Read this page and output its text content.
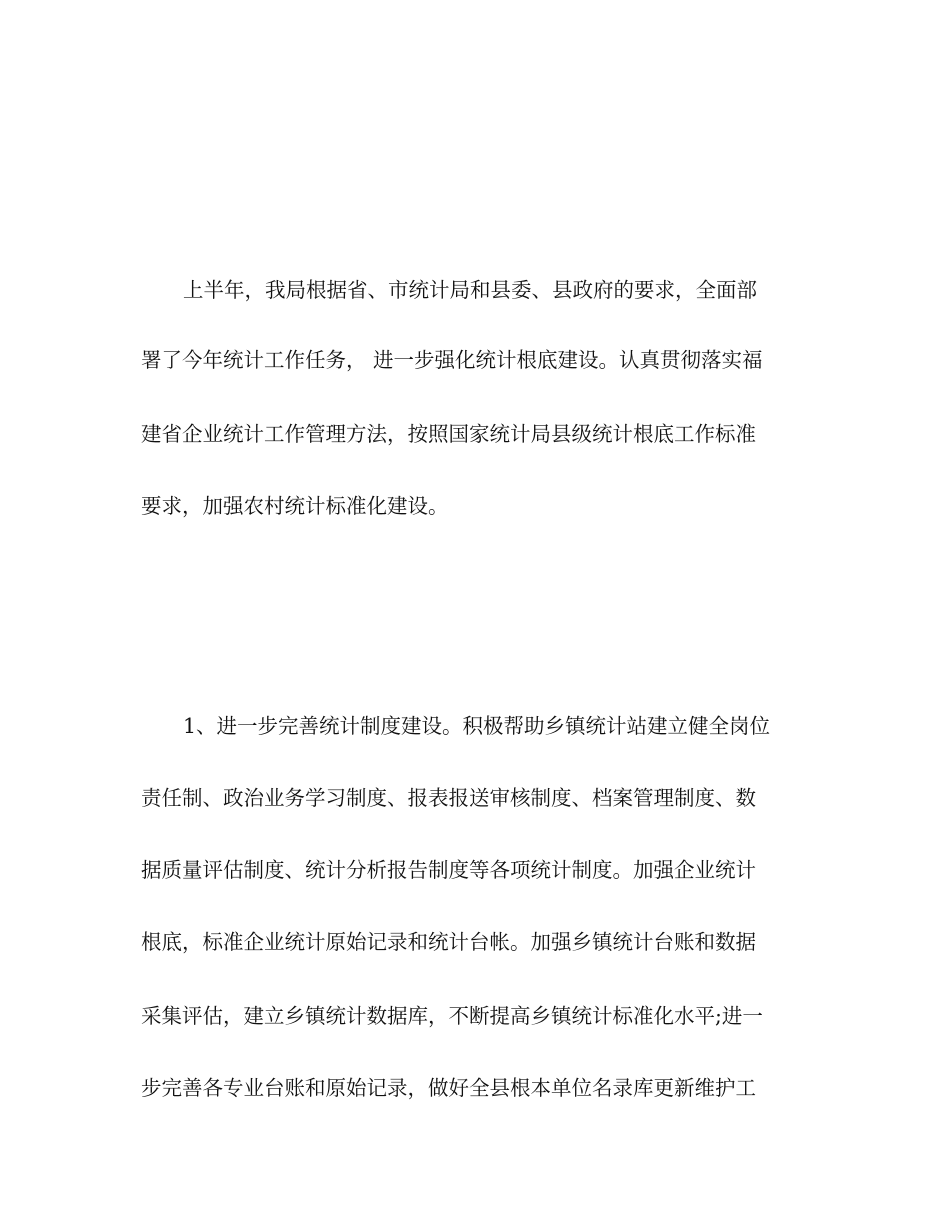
上半年，我局根据省、市统计局和县委、县政府的要求，全面部

署了今年统计工作任务， 进一步强化统计根底建设。认真贯彻落实福

建省企业统计工作管理方法，按照国家统计局县级统计根底工作标准

要求，加强农村统计标准化建设。

1、进一步完善统计制度建设。积极帮助乡镇统计站建立健全岗位

责任制、政治业务学习制度、报表报送审核制度、档案管理制度、数

据质量评估制度、统计分析报告制度等各项统计制度。加强企业统计

根底，标准企业统计原始记录和统计台帐。加强乡镇统计台账和数据

采集评估，建立乡镇统计数据库，不断提高乡镇统计标准化水平;进一

步完善各专业台账和原始记录，做好全县根本单位名录库更新维护工
